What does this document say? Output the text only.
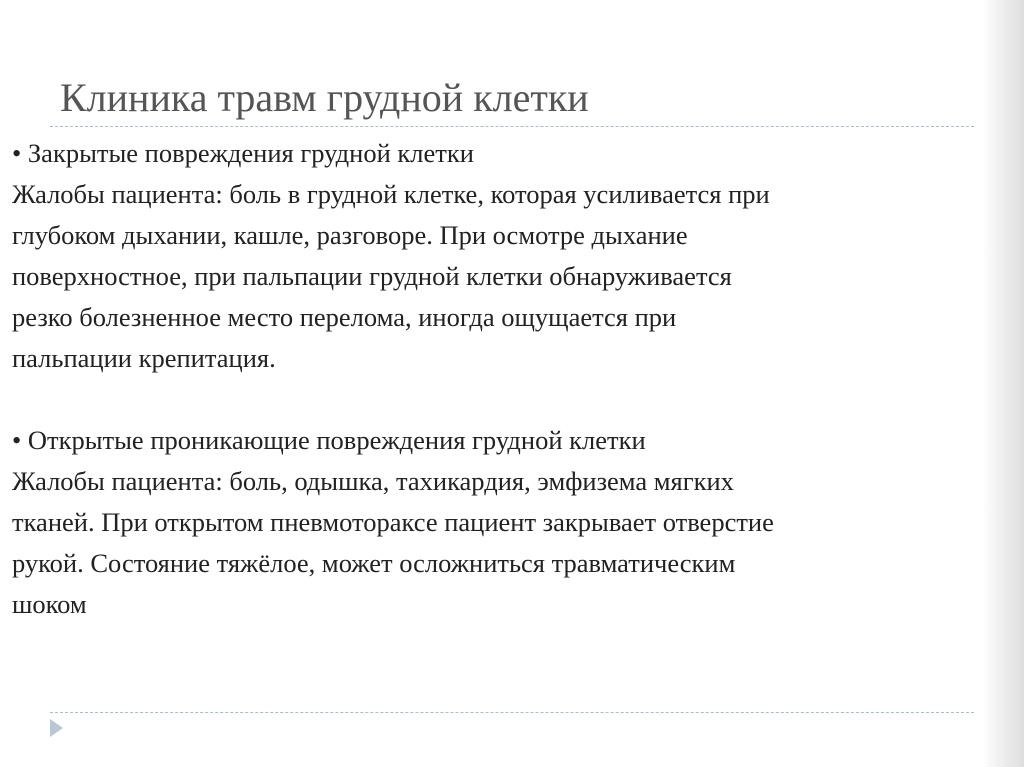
Клиника травм грудной клетки

• Закрытые повреждения грудной клетки

Жалобы пациента: боль в грудной клетке, которая усиливается при

глубоком дыхании, кашле, разговоре. При осмотре дыхание

поверхностное, при пальпации грудной клетки обнаруживается

резко болезненное место перелома, иногда ощущается при

пальпации крепитация.

• Открытые проникающие повреждения грудной клетки

Жалобы пациента: боль, одышка, тахикардия, эмфизема мягких

тканей. При открытом пневмотораксе пациент закрывает отверстие

рукой. Состояние тяжёлое, может осложниться травматическим

шоком
